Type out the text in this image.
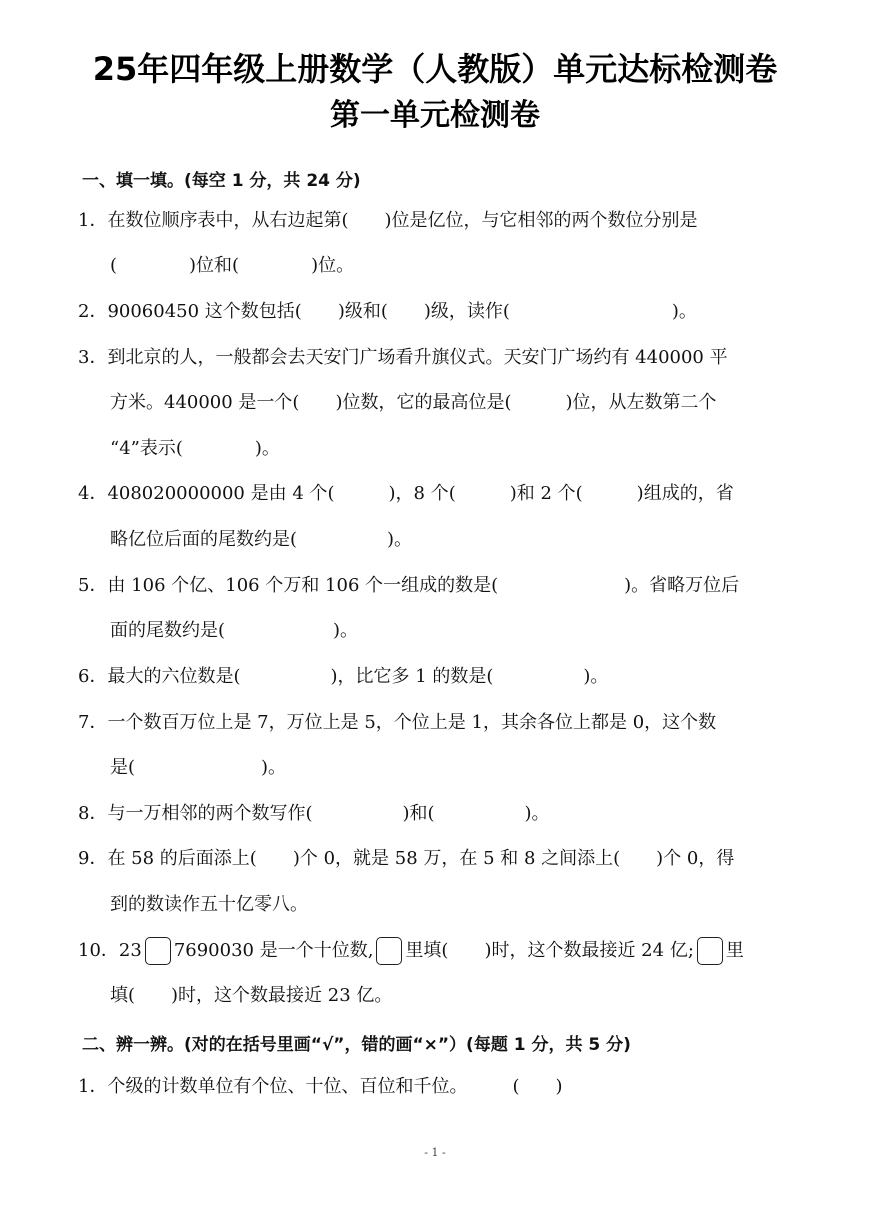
25年四年级上册数学（人教版）单元达标检测卷
第一单元检测卷
一、填一填。(每空 1 分，共 24 分)
1．在数位顺序表中，从右边起第(　　)位是亿位，与它相邻的两个数位分别是
(　　　　)位和(　　　　)位。
2．90060450 这个数包括(　　)级和(　　)级，读作(　　　　　　　　　)。
3．到北京的人，一般都会去天安门广场看升旗仪式。天安门广场约有 440000 平
方米。440000 是一个(　　)位数，它的最高位是(　　　)位，从左数第二个
“4”表示(　　　　)。
4．408020000000 是由 4 个(　　　)，8 个(　　　)和 2 个(　　　)组成的，省
略亿位后面的尾数约是(　　　　　)。
5．由 106 个亿、106 个万和 106 个一组成的数是(　　　　　　　)。省略万位后
面的尾数约是(　　　　　　)。
6．最大的六位数是(　　　　　)，比它多 1 的数是(　　　　　)。
7．一个数百万位上是 7，万位上是 5，个位上是 1，其余各位上都是 0，这个数
是(　　　　　　　)。
8．与一万相邻的两个数写作(　　　　　)和(　　　　　)。
9．在 58 的后面添上(　　)个 0，就是 58 万，在 5 和 8 之间添上(　　)个 0，得
到的数读作五十亿零八。
10．23 7690030 是一个十位数, 里填(　　)时，这个数最接近 24 亿; 里
填(　　)时，这个数最接近 23 亿。
二、辨一辨。(对的在括号里画“√”，错的画“×”）(每题 1 分，共 5 分)
1．个级的计数单位有个位、十位、百位和千位。　　　(　　)
- 1 -
